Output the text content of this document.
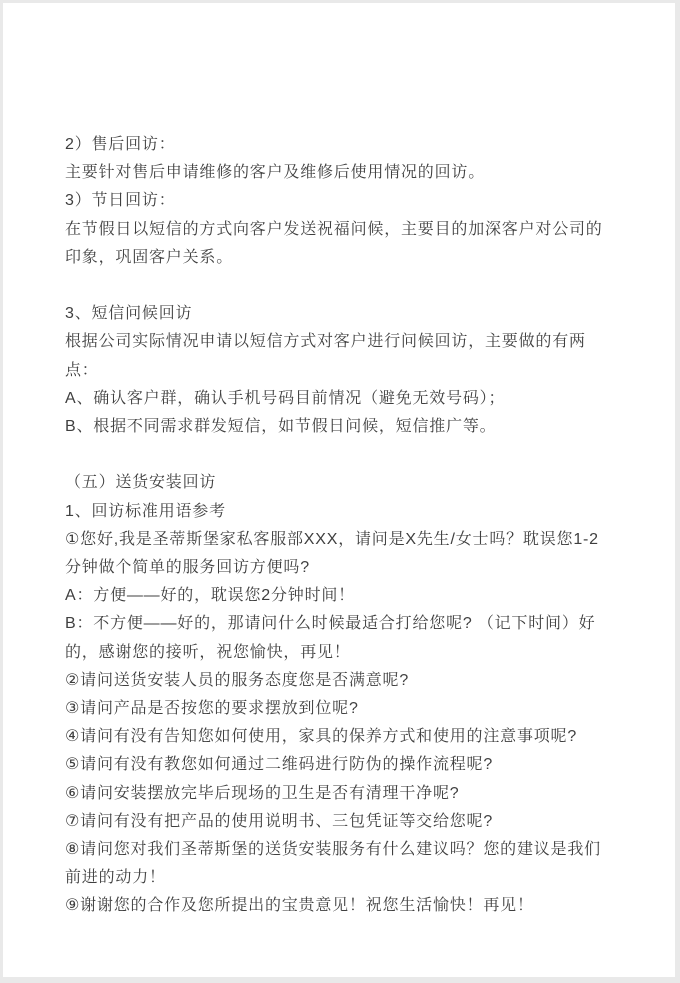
2）售后回访：

主要针对售后申请维修的客户及维修后使用情况的回访。

3）节日回访：

在节假日以短信的方式向客户发送祝福问候，主要目的加深客户对公司的印象，巩固客户关系。

3、短信问候回访

根据公司实际情况申请以短信方式对客户进行问候回访，主要做的有两点：

A、确认客户群，确认手机号码目前情况（避免无效号码）；

B、根据不同需求群发短信，如节假日问候，短信推广等。

（五）送货安装回访

1、回访标准用语参考

①您好,我是圣蒂斯堡家私客服部XXX，请问是X先生/女士吗？耽误您1-2分钟做个简单的服务回访方便吗?

A：方便——好的，耽误您2分钟时间！

B：不方便——好的，那请问什么时候最适合打给您呢? （记下时间）好的，感谢您的接听，祝您愉快，再见！

②请问送货安装人员的服务态度您是否满意呢?

③请问产品是否按您的要求摆放到位呢?

④请问有没有告知您如何使用，家具的保养方式和使用的注意事项呢?

⑤请问有没有教您如何通过二维码进行防伪的操作流程呢?

⑥请问安装摆放完毕后现场的卫生是否有清理干净呢?

⑦请问有没有把产品的使用说明书、三包凭证等交给您呢?

⑧请问您对我们圣蒂斯堡的送货安装服务有什么建议吗？您的建议是我们前进的动力！

⑨谢谢您的合作及您所提出的宝贵意见！祝您生活愉快！再见！
